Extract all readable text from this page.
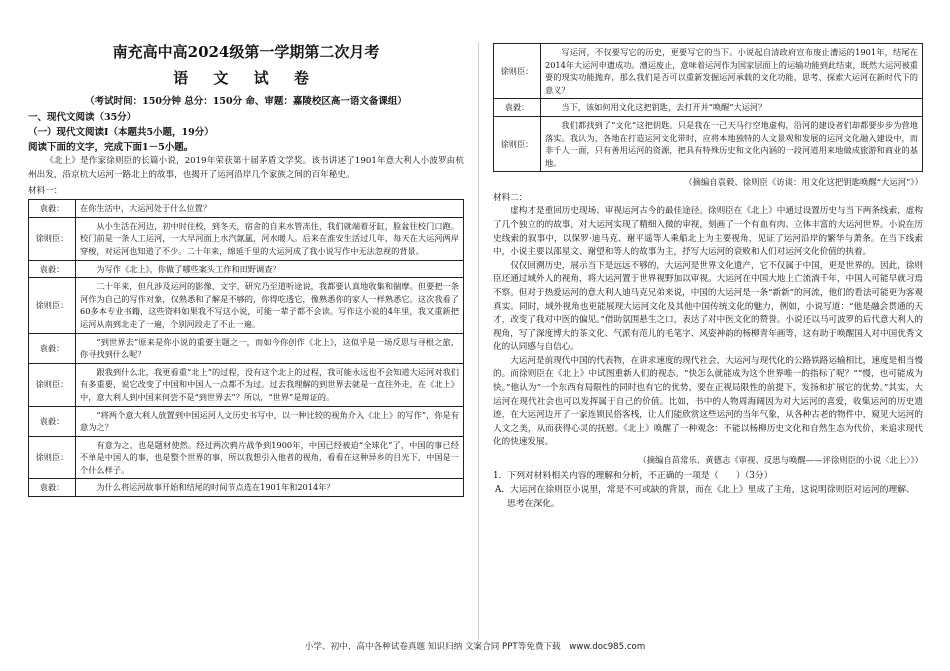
南充高中高2024级第一学期第二次月考
语 文 试 卷
（考试时间：150分钟 总分：150分 命、审题：嘉陵校区高一语文备课组）
一、现代文阅读（35分）
（一）现代文阅读Ⅰ（本题共5小题，19分）
阅读下面的文字，完成下面1－5小题。

《北上》是作家徐则臣的长篇小说，2019年荣获第十届茅盾文学奖。该书讲述了1901年意大利人小波罗由杭州出发，沿京杭大运河一路北上的故事，也揭开了运河沿岸几个家族之间的百年秘史。

材料一：
袁毅：	在你生活中，大运河处于什么位置？
徐则臣：	从小生活在河边，初中时住校，到冬天，宿舍的自来水管冻住，我们就端着牙缸，脸盆往校门口跑。校门前是一条人工运河，一大早河面上水汽氤氲，河水暖人。后来在淮安生活过几年，每天在大运河两岸穿梭，对运河也知道了不少。二十年来，绵延千里的大运河成了我小说写作中无法忽视的背景。
袁毅：	为写作《北上》，你做了哪些案头工作和田野调查？
徐则臣：	二十年来，但凡涉及运河的影像、文字、研究乃至道听途说，我都要认真地收集和揣摩。但要把一条河作为自己的写作对象，仅熟悉和了解是不够的，你得吃透它，像熟悉你的家人一样熟悉它。这次我看了60多本专业书籍，这些资料如果我不写这小说，可能一辈子都不会读。写作这小说的4年里，我又重新把运河从南到北走了一遍，个别河段走了不止一遍。
袁毅：	“到世界去”原来是你小说的重要主题之一，而如今你创作《北上》，这似乎是一场反思与寻根之旅，你寻找到什么呢？
徐则臣：	跟我到什么北，我更看重“北上”的过程，没有这个北上的过程，我可能永远也不会知道大运河对我们有多重要，说它改变了中国和中国人一点都不为过。过去我理解的到世界去就是一直往外走，在《北上》中，意大利人到中国来何尝不是“到世界去”？所以，“世界”是辩证的。
袁毅：	“将两个意大利人放置到中国运河人文历史书写中，以一种比较的视角介入《北上》的写作”，你是有意为之？
徐则臣：	有意为之，也是题材使然。经过两次鸦片战争到1900年，中国已经被迫“全球化”了，中国的事已经不单是中国人的事，也是整个世界的事，所以我想引入他者的视角，看看在这种异乡的目光下，中国是一个什么样子。
袁毅：	为什么将运河故事开始和结尾的时间节点选在1901年和2014年？
徐则臣：	写运河，不仅要写它的历史，更要写它的当下。小说起自清政府宣布废止漕运的1901年，结尾在2014年大运河申遗成功。漕运废止，意味着运河作为国家层面上的运输功能到此结束，既然大运河被重要的现实功能抛弃，那么我们是否可以重新发掘运河承载的文化功能，思考、探索大运河在新时代下的意义？
袁毅：	当下，该如何用文化这把钥匙，去打开并“唤醒”大运河？
徐则臣：	我们都找到了“文化”这把钥匙。只是我在一己天马行空地虚构，沿河的建设者们却都要步步为营地落实。我认为，各地在打造运河文化带时，应将本地独特的人文景观和发展的运河文化融入建设中，而非千人一面，只有善用运河的资源，把具有特殊历史和文化内涵的一段河道用来地做成旅游和商业的基地。
（摘编自袁毅、徐则臣《访谈：用文化这把钥匙唤醒“大运河”》）
材料二：

虚构才是重回历史现场、审视运河古今的最佳途径。徐则臣在《北上》中通过设置历史与当下两条线索，虚构了几个独立的的故事，对大运河实现了精细入微的审视，刻画了一个有血有肉、立体丰富的大运河世界。小说在历史线索的叙事中，以保罗·迪马克、谢平遥等人乘船北上为主要视角，见证了运河沿岸的繁华与萧条。在当下线索中，小说主要以邵星文、谢望和等人的故事为主，抒写大运河的衰败和人们对运河文化价值的执着。

仅仅回溯历史，展示当下是远远不够的，大运河是世界文化遗产，它不仅属于中国，更是世界的。因此，徐则臣还通过域外人的视角，将大运河置于世界视野加以审视。大运河在中国大地上亡流淌千年，中国人可能早就习焉不察。但对于热爱运河的意大利人迪马克兄弟来说，中国的大运河是一条“新新”的河流，他们的看法可能更为客观真实。同时，域外视角也更能展现大运河文化及其他中国传统文化的魅力，例如，小说写道：“他是融会贯通的天才，改变了我对中医的偏见。”借助氛围悬生之口，表达了对中医文化的赞誉。小说还以马可波罗的后代意大利人的视角，写了深度博大的茶文化、气派有范儿的毛笔字、风姿神韵的杨柳青年画等，这有助于唤醒国人对中国优秀文化的认同感与自信心。

大运河是前现代中国的代表物，在讲求速度的现代社会，大运河与现代化的公路铁路运输相比，速度是相当慢的。而徐则臣在《北上》中试图重新人们的视态。“快怎么就能成为这个世界唯一的指标了呢？”“慢，也可能成为快。”他认为“一个东西有局限性的同时也有它的优势，要在正视局限性的前提下，发扬和扩展它的优势。”其实，大运河在现代社会也可以发挥属于自己的价值。比如，书中的人物周海阔因为对大运河的喜爱，收集运河的历史遗迹，在大运河边开了一家连锁民俗客栈，让人们能欣赏这些运河的当年气象，从各种古老的物件中，窥见大运河的人文之美，从而获得心灵的抚慰。《北上》唤醒了一种观念：不能以杨柳历史文化和自然生态为代价，来追求现代化的快速发展。

（摘编自苗常乐、黄德志《审视、反思与唤醒——评徐则臣的小说〈北上〉》）
1．下列对材料相关内容的理解和分析，不正确的一项是（　　）（3分）
A．大运河在徐则臣小说里，常是不可或缺的背景，而在《北上》里成了主角，这说明徐则臣对运河的理解、思考在深化。
小学、初中、高中各种试卷真题 知识归纳 文案合同 PPT等免费下载　www.doc985.com
